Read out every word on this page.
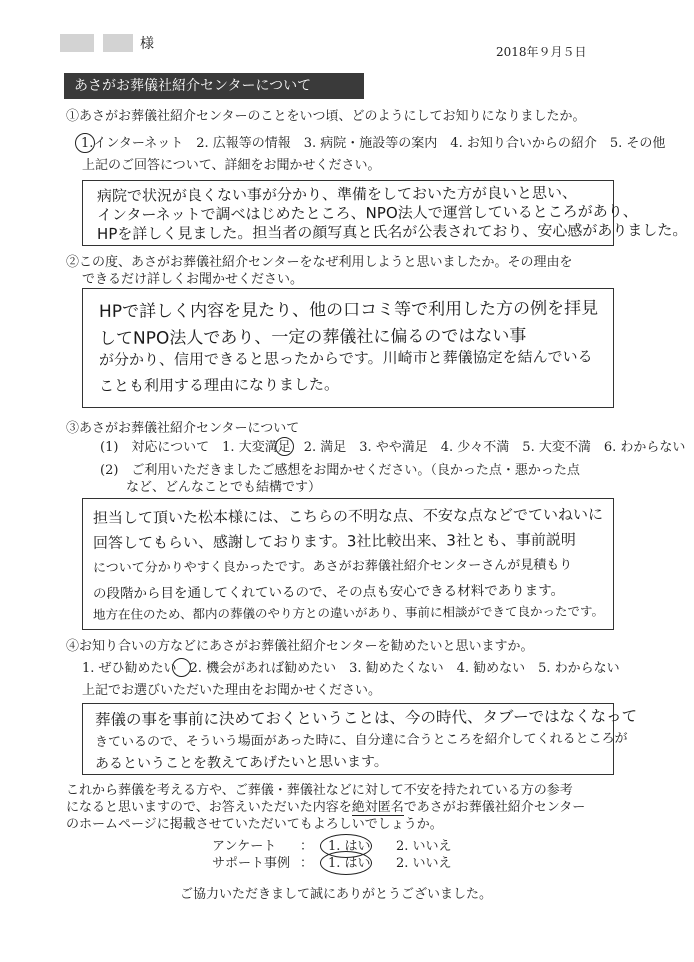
様	2018年９月５日
あさがお葬儀社紹介センターについて
①あさがお葬儀社紹介センターのことをいつ頃、どのようにしてお知りになりましたか。
1.インターネット　2. 広報等の情報　3. 病院・施設等の案内　4. お知り合いからの紹介　5. その他
上記のご回答について、詳細をお聞かせください。
病院で状況が良くない事が分かり、準備をしておいた方が良いと思い、
インターネットで調べはじめたところ、NPO法人で運営しているところがあり、
HPを詳しく見ました。担当者の顔写真と氏名が公表されており、安心感がありました。
②この度、あさがお葬儀社紹介センターをなぜ利用しようと思いましたか。その理由を
できるだけ詳しくお聞かせください。
HPで詳しく内容を見たり、他の口コミ等で利用した方の例を拝見
してNPO法人であり、一定の葬儀社に偏るのではない事
が分かり、信用できると思ったからです。川崎市と葬儀協定を結んでいる
ことも利用する理由になりました。
③あさがお葬儀社紹介センターについて
(1)　対応について　1. 大変満足　2. 満足　3. やや満足　4. 少々不満　5. 大変不満　6. わからない
(2)　ご利用いただきましたご感想をお聞かせください。（良かった点・悪かった点
など、どんなことでも結構です）
担当して頂いた松本様には、こちらの不明な点、不安な点などでていねいに
回答してもらい、感謝しております。3社比較出来、3社とも、事前説明
について分かりやすく良かったです。あさがお葬儀社紹介センターさんが見積もり
の段階から目を通してくれているので、その点も安心できる材料であります。
地方在住のため、都内の葬儀のやり方との違いがあり、事前に相談ができて良かったです。
④お知り合いの方などにあさがお葬儀社紹介センターを勧めたいと思いますか。
1. ぜひ勧めたい　2. 機会があれば勧めたい　3. 勧めたくない　4. 勧めない　5. わからない
上記でお選びいただいた理由をお聞かせください。
葬儀の事を事前に決めておくということは、今の時代、タブーではなくなって
きているので、そういう場面があった時に、自分達に合うところを紹介してくれるところが
あるということを教えてあげたいと思います。
これから葬儀を考える方や、ご葬儀・葬儀社などに対して不安を持たれている方の参考
になると思いますので、お答えいただいた内容を絶対匿名であさがお葬儀社紹介センター
のホームページに掲載させていただいてもよろしいでしょうか。
アンケート ： 1. はい 2. いいえ
サポート事例 ： 1. はい 2. いいえ
ご協力いただきまして誠にありがとうございました。
